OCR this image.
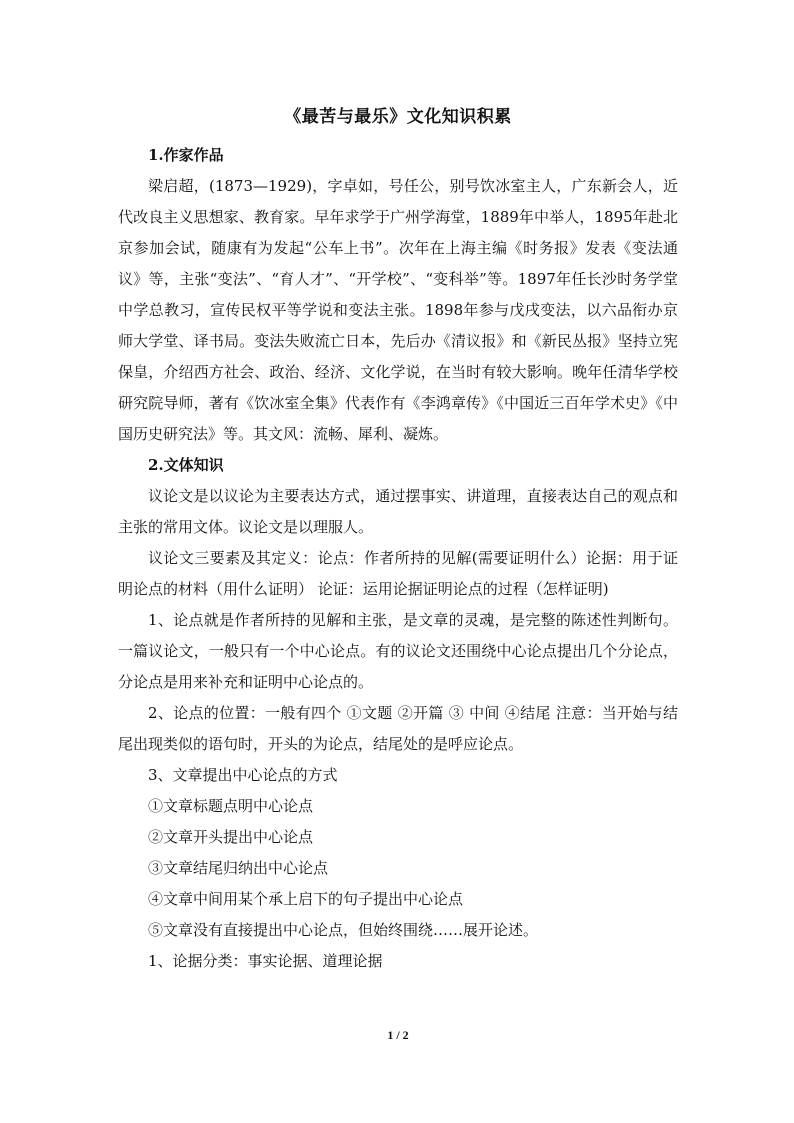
《最苦与最乐》文化知识积累

1.作家作品

梁启超，(1873—1929)，字卓如，号任公，别号饮冰室主人，广东新会人，近代改良主义思想家、教育家。早年求学于广州学海堂，1889年中举人，1895年赴北京参加会试，随康有为发起“公车上书”。次年在上海主编《时务报》发表《变法通议》等，主张“变法”、“育人才”、“开学校”、“变科举”等。1897年任长沙时务学堂中学总教习，宣传民权平等学说和变法主张。1898年参与戊戌变法，以六品衔办京师大学堂、译书局。变法失败流亡日本，先后办《清议报》和《新民丛报》坚持立宪保皇，介绍西方社会、政治、经济、文化学说，在当时有较大影响。晚年任清华学校研究院导师，著有《饮冰室全集》代表作有《李鸿章传》《中国近三百年学术史》《中国历史研究法》等。其文风：流畅、犀利、凝炼。

2.文体知识

议论文是以议论为主要表达方式，通过摆事实、讲道理，直接表达自己的观点和主张的常用文体。议论文是以理服人。

议论文三要素及其定义：论点：作者所持的见解(需要证明什么）论据：用于证明论点的材料（用什么证明） 论证：运用论据证明论点的过程（怎样证明)

1、论点就是作者所持的见解和主张，是文章的灵魂，是完整的陈述性判断句。一篇议论文，一般只有一个中心论点。有的议论文还围绕中心论点提出几个分论点，分论点是用来补充和证明中心论点的。

2、论点的位置：一般有四个 ①文题 ②开篇 ③ 中间 ④结尾 注意：当开始与结尾出现类似的语句时，开头的为论点，结尾处的是呼应论点。

3、文章提出中心论点的方式

①文章标题点明中心论点

②文章开头提出中心论点

③文章结尾归纳出中心论点

④文章中间用某个承上启下的句子提出中心论点

⑤文章没有直接提出中心论点，但始终围绕……展开论述。

1、论据分类：事实论据、道理论据

1 / 2
